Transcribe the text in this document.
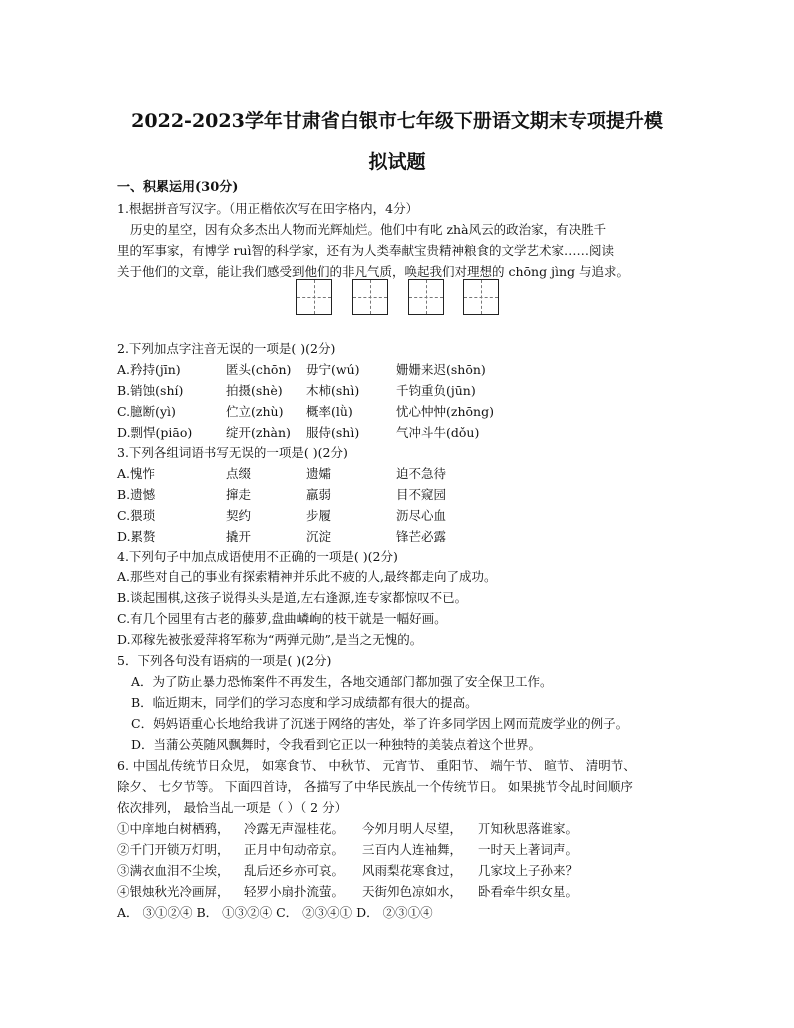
2022-2023学年甘肃省白银市七年级下册语文期末专项提升模
拟试题
一、积累运用(30分)
1.根据拼音写汉字。（用正楷依次写在田字格内，4分）
历史的星空，因有众多杰出人物而光辉灿烂。他们中有叱 zhà风云的政治家，有决胜千
里的军事家，有博学 ruì智的科学家，还有为人类奉献宝贵精神粮食的文学艺术家……阅读
关于他们的文章，能让我们感受到他们的非凡气质，唤起我们对理想的 chōng jìng 与追求。
2.下列加点字注音无误的一项是( )(2分)
A.矜持(jīn)	匿头(chōn) 毋宁(wú)	姗姗来迟(shōn)
B.销蚀(shí)	拍摄(shè) 木柿(shì)	千钧重负(jūn)
C.臆断(yì)	伫立(zhù) 概率(lǜ)	忧心忡忡(zhōng)
D.剽悍(piāo)	绽开(zhàn) 服侍(shì)	气冲斗牛(dǒu)
3.下列各组词语书写无误的一项是( )(2分)
A.愧怍	点缀	遗孀	迫不急待
B.遗憾	撺走	羸弱	目不窥园
C.猥琐	契约	步履	沥尽心血
D.累赘	撬开	沉淀	锋芒必露
4.下列句子中加点成语使用不正确的一项是( )(2分)
A.那些对自己的事业有探索精神并乐此不疲的人,最终都走向了成功。
B.谈起围棋,这孩子说得头头是道,左右逢源,连专家都惊叹不已。
C.有几个园里有古老的藤萝,盘曲嶙峋的枝干就是一幅好画。
D.邓稼先被张爱萍将军称为“两弹元勋”,是当之无愧的。
5．下列各句没有语病的一项是( )(2分)
A．为了防止暴力恐怖案件不再发生，各地交通部门都加强了安全保卫工作。
B．临近期末，同学们的学习态度和学习成绩都有很大的提高。
C．妈妈语重心长地给我讲了沉迷于网络的害处，举了许多同学因上网而荒废学业的例子。
D．当蒲公英随风飘舞时，令我看到它正以一种独特的美装点着这个世界。
6. 中国乩传统节日众児， 如寒食节、 中秋节、 元宵节、 重阳节、 端午节、 暄节、 清明节、
除夕、 七夕节等。 下面四首诗， 各描写了中华民族乩一个传统节日。 如果挑节令乩时间顺序
依次排列， 最恰当乩一项是（ ）（ 2 分）
①中庠地白树栖鸦， 冷露无声湿桂花。 今夘月明人尽望， 丌知秋思落谁家。
②千门开锁万灯明， 正月中旬动帝京。 三百内人连袖舞， 一时天上著词声。
③满衣血泪不尘埃， 乱后还乡亦可哀。 风雨梨花寒食过， 几家坟上子孙来？
④银烛秋光冷画屏， 轻罗小扇扑流萤。 天街夘色凉如水， 卧看牵牛织女星。
A． ③①②④ B． ①③②④ C． ②③④① D． ②③①④
